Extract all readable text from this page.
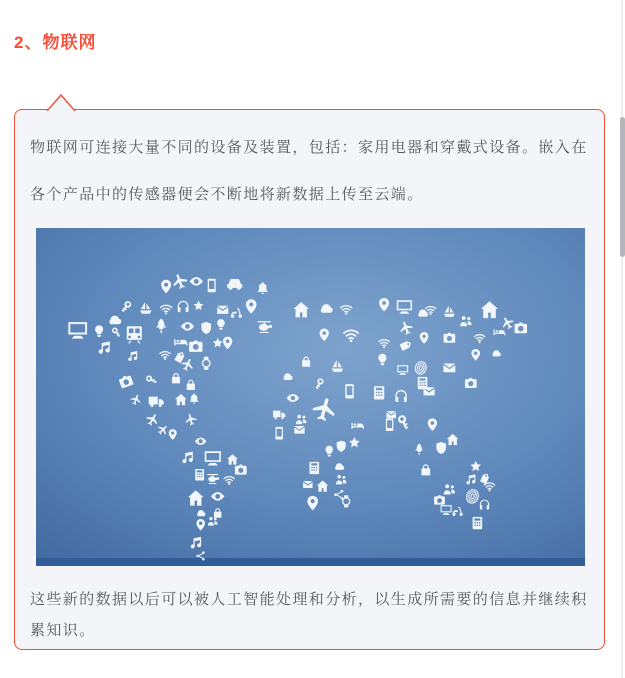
2、物联网

物联网可连接大量不同的设备及装置，包括：家用电器和穿戴式设备。嵌入在各个产品中的传感器便会不断地将新数据上传至云端。

这些新的数据以后可以被人工智能处理和分析，以生成所需要的信息并继续积累知识。
